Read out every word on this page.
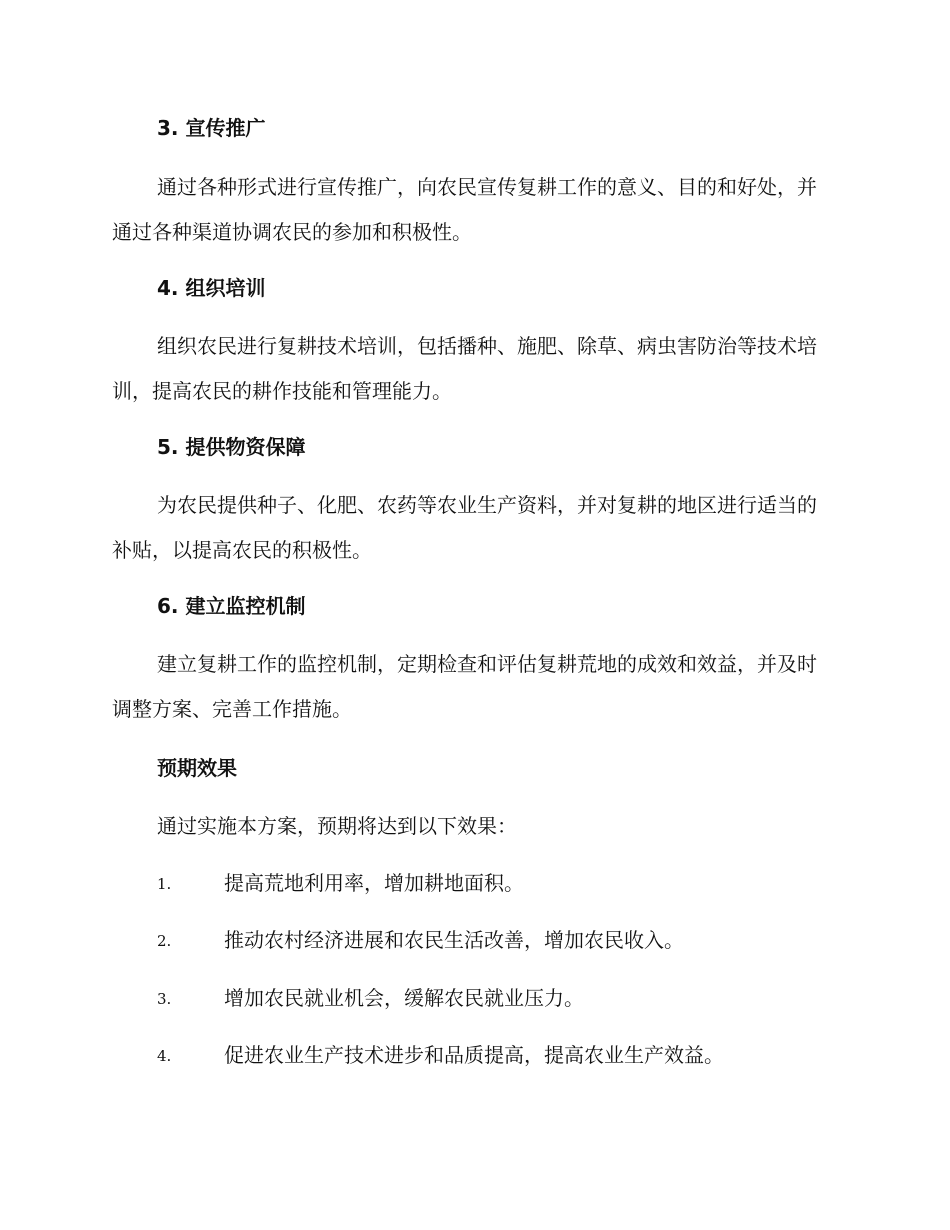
3. 宣传推广

通过各种形式进行宣传推广，向农民宣传复耕工作的意义、目的和好处，并通过各种渠道协调农民的参加和积极性。

4. 组织培训

组织农民进行复耕技术培训，包括播种、施肥、除草、病虫害防治等技术培训，提高农民的耕作技能和管理能力。

5. 提供物资保障

为农民提供种子、化肥、农药等农业生产资料，并对复耕的地区进行适当的补贴，以提高农民的积极性。

6. 建立监控机制

建立复耕工作的监控机制，定期检查和评估复耕荒地的成效和效益，并及时调整方案、完善工作措施。

预期效果
通过实施本方案，预期将达到以下效果：
1.	提高荒地利用率，增加耕地面积。
2.	推动农村经济进展和农民生活改善，增加农民收入。
3.	增加农民就业机会，缓解农民就业压力。
4.	促进农业生产技术进步和品质提高，提高农业生产效益。
